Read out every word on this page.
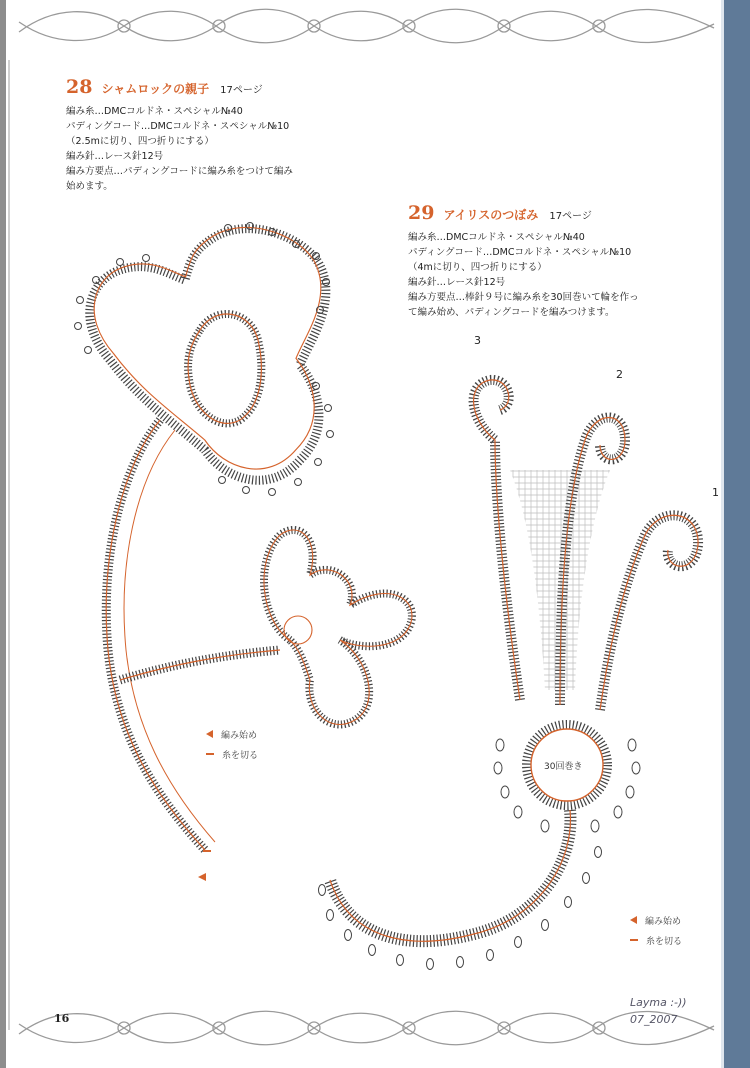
28 シャムロックの親子 17ページ
編み糸…DMCコルドネ・スペシャル№40
パディングコード…DMCコルドネ・スペシャル№10
（2.5mに切り、四つ折りにする）
編み針…レース針12号
編み方要点…パディングコードに編み糸をつけて編み
始めます。
29 アイリスのつぼみ 17ページ
編み糸…DMCコルドネ・スペシャル№40
パディングコード…DMCコルドネ・スペシャル№10
（4mに切り、四つ折りにする）
編み針…レース針12号
編み方要点…棒針９号に編み糸を30回巻いて輪を作っ
て編み始め、パディングコードを編みつけます。
3
2
1
30回巻き
編み始め
糸を切る
編み始め
糸を切る
16
Layma :-))
07_2007
